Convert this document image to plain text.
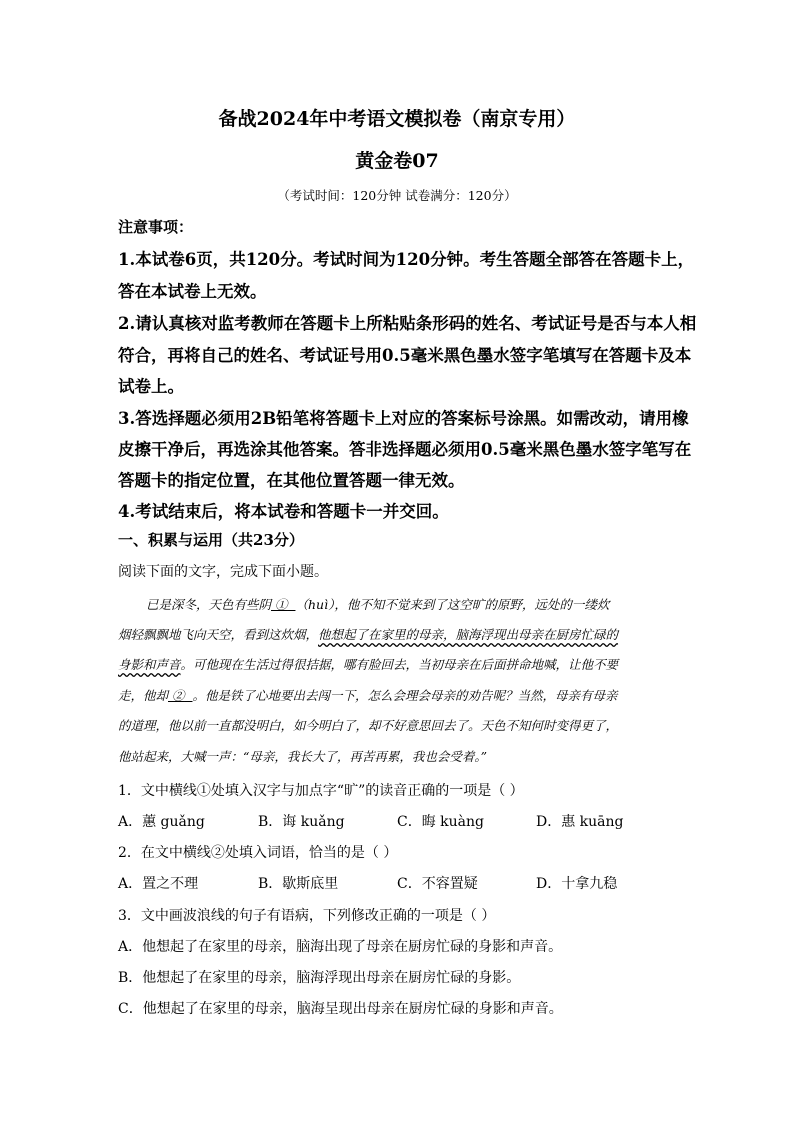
备战2024年中考语文模拟卷（南京专用）
黄金卷07
（考试时间：120分钟 试卷满分：120分）
注意事项：
1.本试卷6页，共120分。考试时间为120分钟。考生答题全部答在答题卡上，
答在本试卷上无效。
2.请认真核对监考教师在答题卡上所粘贴条形码的姓名、考试证号是否与本人相
符合，再将自己的姓名、考试证号用0.5毫米黑色墨水签字笔填写在答题卡及本
试卷上。
3.答选择题必须用2B铅笔将答题卡上对应的答案标号涂黑。如需改动，请用橡
皮擦干净后，再选涂其他答案。答非选择题必须用0.5毫米黑色墨水签字笔写在
答题卡的指定位置，在其他位置答题一律无效。
4.考试结束后，将本试卷和答题卡一并交回。
一、积累与运用（共23分）
阅读下面的文字，完成下面小题。
已是深冬，天色有些阴 ① （huì），他不知不觉来到了这空旷的原野，远处的一缕炊
烟轻飘飘地飞向天空，看到这炊烟，他想起了在家里的母亲，脑海浮现出母亲在厨房忙碌的
身影和声音。可他现在生活过得很拮据，哪有脸回去，当初母亲在后面拼命地喊，让他不要
走，他却 ② 。他是铁了心地要出去闯一下，怎么会理会母亲的劝告呢？当然，母亲有母亲
的道理，他以前一直都没明白，如今明白了，却不好意思回去了。天色不知何时变得更了，
他站起来，大喊一声：“母亲，我长大了，再苦再累，我也会受着。”
1．文中横线①处填入汉字与加点字“旷”的读音正确的一项是（ ）
A．蕙 guǎng	B．诲 kuǎng	C．晦 kuàng	D．惠 kuāng
2．在文中横线②处填入词语，恰当的是（ ）
A．置之不理	B．歇斯底里	C．不容置疑	D．十拿九稳
3．文中画波浪线的句子有语病，下列修改正确的一项是（ ）
A．他想起了在家里的母亲，脑海出现了母亲在厨房忙碌的身影和声音。
B．他想起了在家里的母亲，脑海浮现出母亲在厨房忙碌的身影。
C．他想起了在家里的母亲，脑海呈现出母亲在厨房忙碌的身影和声音。
